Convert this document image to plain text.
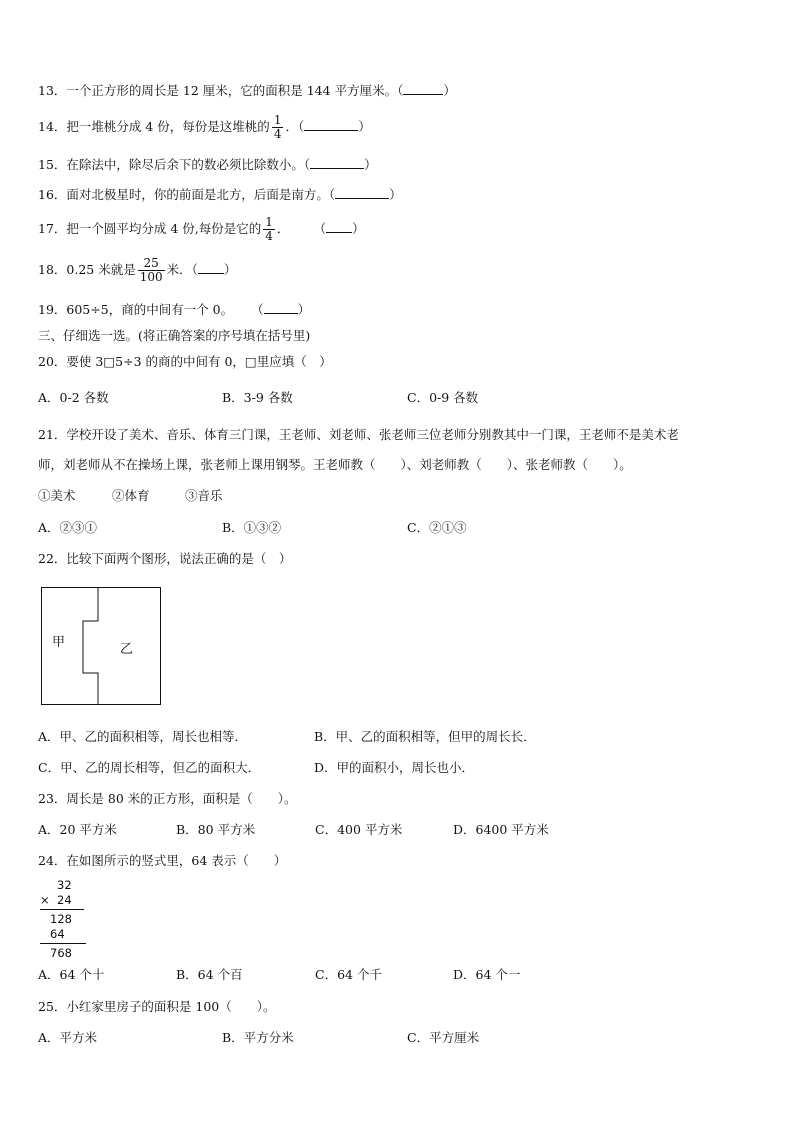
13．一个正方形的周长是 12 厘米，它的面积是 144 平方厘米。（	）
14．把一堆桃分成 4 份，每份是这堆桃的 $\frac{1}{4}$ ．（	）
15．在除法中，除尽后余下的数必须比除数小。（	）
16．面对北极星时，你的前面是北方，后面是南方。（	）
17．把一个圆平均分成 4 份,每份是它的 $\frac{1}{4}$ ． （ ）
18．0.25 米就是 $\frac{25}{100}$ 米．（ ）
19．605÷5，商的中间有一个 0。 （	）
三、仔细选一选。(将正确答案的序号填在括号里)
20．要使 3□5÷3 的商的中间有 0，□里应填（　）
A．0-2 各数	B．3-9 各数	C．0-9 各数
21．学校开设了美术、音乐、体育三门课，王老师、刘老师、张老师三位老师分别教其中一门课，王老师不是美术老
师，刘老师从不在操场上课，张老师上课用钢琴。王老师教（　　）、刘老师教（　　）、张老师教（　　）。
①美术	②体育	③音乐
A．②③①	B．①③②	C．②①③
22．比较下面两个图形，说法正确的是（　）
甲	乙
A．甲、乙的面积相等，周长也相等．	B．甲、乙的面积相等，但甲的周长长．
C．甲、乙的周长相等，但乙的面积大．	D．甲的面积小，周长也小．
23．周长是 80 米的正方形，面积是（　　）。
A．20 平方米	B．80 平方米	C．400 平方米	D．6400 平方米
24．在如图所示的竖式里，64 表示（　　）
32
× 24
128
64
768
A．64 个十	B．64 个百	C．64 个千	D．64 个一
25．小红家里房子的面积是 100（　　）。
A．平方米	B．平方分米	C．平方厘米
